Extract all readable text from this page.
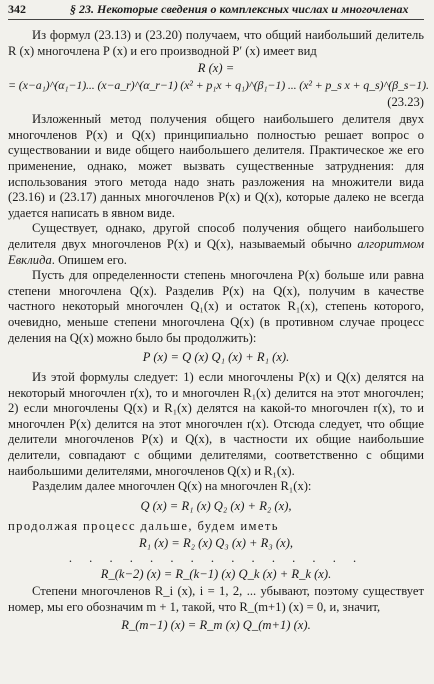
342	§ 23. Некоторые сведения о комплексных числах и многочленах

Из формул (23.13) и (23.20) получаем, что общий наибольший делитель R (x) многочлена P (x) и его производной P′ (x) имеет вид

R (x) =
= (x−a₁)^(α₁−1)... (x−a_r)^(α_r−1) (x² + p₁x + q₁)^(β₁−1) ... (x² + p_s x + q_s)^(β_s−1).
(23.23)

Изложенный метод получения общего наибольшего делителя двух многочленов P(x) и Q(x) принципиально полностью решает вопрос о существовании и виде общего наибольшего делителя. Практическое же его применение, однако, может вызвать существенные затруднения: для использования этого метода надо знать разложения на множители вида (23.16) и (23.17) данных многочленов P(x) и Q(x), которые далеко не всегда удается написать в явном виде.

Существует, однако, другой способ получения общего наибольшего делителя двух многочленов P(x) и Q(x), называемый обычно алгоритмом Евклида. Опишем его.

Пусть для определенности степень многочлена P(x) больше или равна степени многочлена Q(x). Разделив P(x) на Q(x), получим в качестве частного некоторый многочлен Q₁(x) и остаток R₁(x), степень которого, очевидно, меньше степени многочлена Q(x) (в противном случае процесс деления на Q(x) можно было бы продолжить):

P (x) = Q (x) Q₁ (x) + R₁ (x).

Из этой формулы следует: 1) если многочлены P(x) и Q(x) делятся на некоторый многочлен r(x), то и многочлен R₁(x) делится на этот многочлен; 2) если многочлены Q(x) и R₁(x) делятся на какой-то многочлен r(x), то и многочлен P(x) делится на этот многочлен r(x). Отсюда следует, что общие делители многочленов P(x) и Q(x), в частности их общие наибольшие делители, совпадают с общими делителями, соответственно с общими наибольшими делителями, многочленов Q(x) и R₁(x).

Разделим далее многочлен Q(x) на многочлен R₁(x):

Q (x) = R₁ (x) Q₂ (x) + R₂ (x),

продолжая процесс дальше, будем иметь

R₁ (x) = R₂ (x) Q₃ (x) + R₃ (x),
. . . . . . . . . . . . . . .
R_(k−2) (x) = R_(k−1) (x) Q_k (x) + R_k (x).

Степени многочленов R_i (x), i = 1, 2, ... убывают, поэтому существует номер, мы его обозначим m + 1, такой, что R_(m+1) (x) = 0, и, значит,

R_(m−1) (x) = R_m (x) Q_(m+1) (x).
